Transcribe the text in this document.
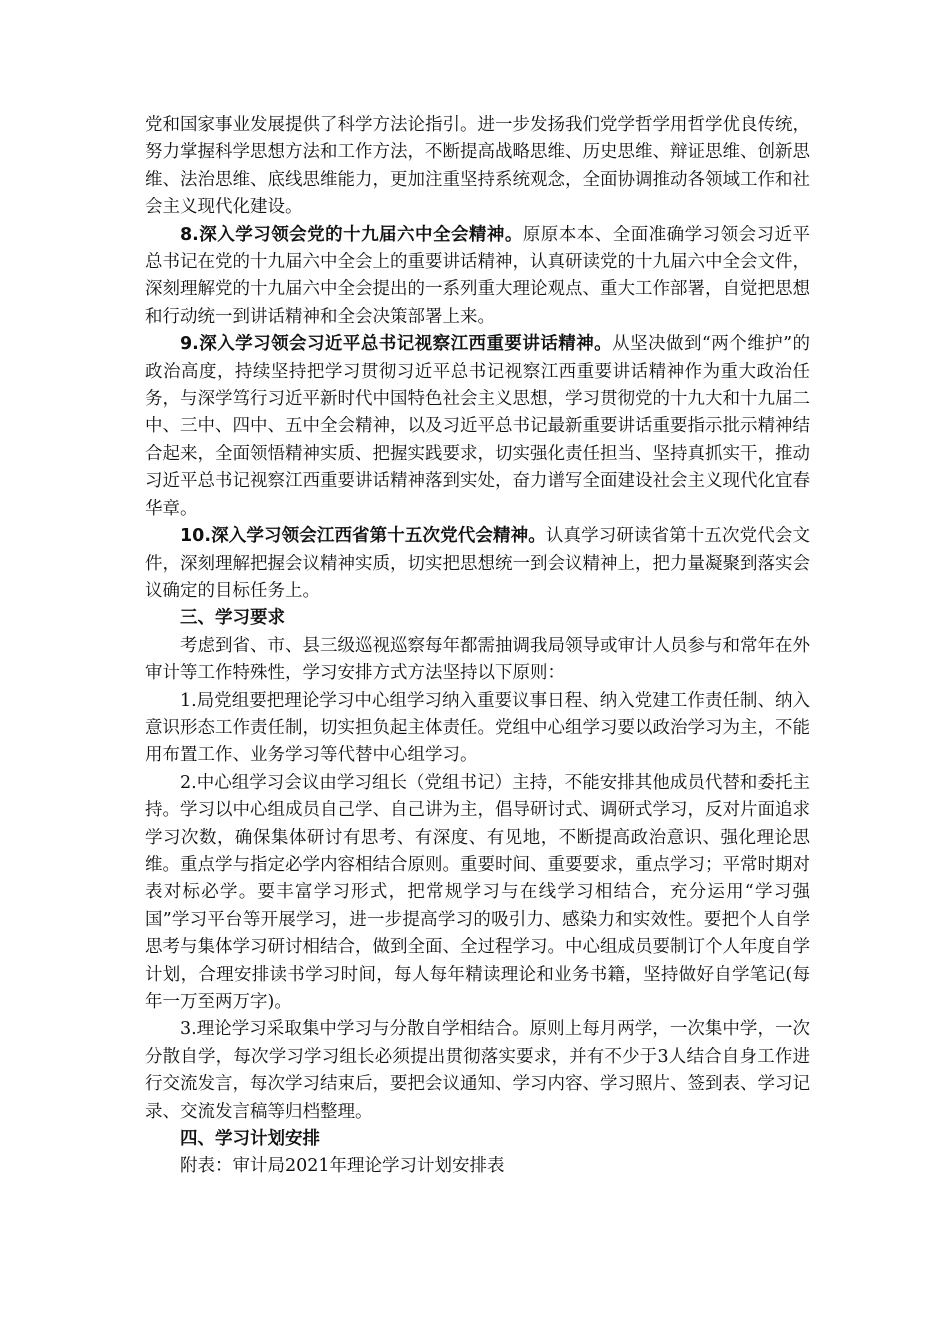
党和国家事业发展提供了科学方法论指引。进一步发扬我们党学哲学用哲学优良传统，努力掌握科学思想方法和工作方法，不断提高战略思维、历史思维、辩证思维、创新思维、法治思维、底线思维能力，更加注重坚持系统观念，全面协调推动各领域工作和社会主义现代化建设。

8.深入学习领会党的十九届六中全会精神。原原本本、全面准确学习领会习近平总书记在党的十九届六中全会上的重要讲话精神，认真研读党的十九届六中全会文件，深刻理解党的十九届六中全会提出的一系列重大理论观点、重大工作部署，自觉把思想和行动统一到讲话精神和全会决策部署上来。

9.深入学习领会习近平总书记视察江西重要讲话精神。从坚决做到“两个维护”的政治高度，持续坚持把学习贯彻习近平总书记视察江西重要讲话精神作为重大政治任务，与深学笃行习近平新时代中国特色社会主义思想，学习贯彻党的十九大和十九届二中、三中、四中、五中全会精神，以及习近平总书记最新重要讲话重要指示批示精神结合起来，全面领悟精神实质、把握实践要求，切实强化责任担当、坚持真抓实干，推动习近平总书记视察江西重要讲话精神落到实处，奋力谱写全面建设社会主义现代化宜春华章。

10.深入学习领会江西省第十五次党代会精神。认真学习研读省第十五次党代会文件，深刻理解把握会议精神实质，切实把思想统一到会议精神上，把力量凝聚到落实会议确定的目标任务上。

三、学习要求

考虑到省、市、县三级巡视巡察每年都需抽调我局领导或审计人员参与和常年在外审计等工作特殊性，学习安排方式方法坚持以下原则：

1.局党组要把理论学习中心组学习纳入重要议事日程、纳入党建工作责任制、纳入意识形态工作责任制，切实担负起主体责任。党组中心组学习要以政治学习为主，不能用布置工作、业务学习等代替中心组学习。

2.中心组学习会议由学习组长（党组书记）主持，不能安排其他成员代替和委托主持。学习以中心组成员自己学、自己讲为主，倡导研讨式、调研式学习，反对片面追求学习次数，确保集体研讨有思考、有深度、有见地，不断提高政治意识、强化理论思维。重点学与指定必学内容相结合原则。重要时间、重要要求，重点学习；平常时期对表对标必学。要丰富学习形式，把常规学习与在线学习相结合，充分运用“学习强国”学习平台等开展学习，进一步提高学习的吸引力、感染力和实效性。要把个人自学思考与集体学习研讨相结合，做到全面、全过程学习。中心组成员要制订个人年度自学计划，合理安排读书学习时间，每人每年精读理论和业务书籍，坚持做好自学笔记(每年一万至两万字)。

3.理论学习采取集中学习与分散自学相结合。原则上每月两学，一次集中学，一次分散自学，每次学习学习组长必须提出贯彻落实要求，并有不少于3人结合自身工作进行交流发言，每次学习结束后，要把会议通知、学习内容、学习照片、签到表、学习记录、交流发言稿等归档整理。

四、学习计划安排

附表：审计局2021年理论学习计划安排表
